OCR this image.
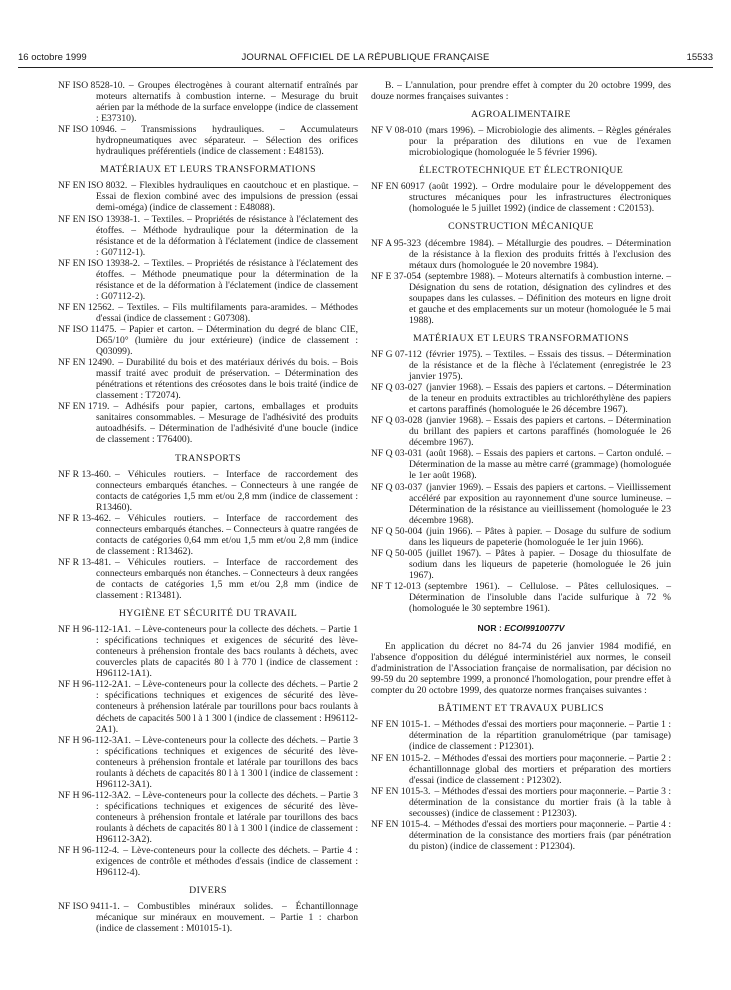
16 octobre 1999	JOURNAL OFFICIEL DE LA RÉPUBLIQUE FRANÇAISE	15533
NF ISO 8528-10. – Groupes électrogènes à courant alternatif entraînés par moteurs alternatifs à combustion interne. – Mesurage du bruit aérien par la méthode de la surface enveloppe (indice de classement : E37310).
NF ISO 10946. – Transmissions hydrauliques. – Accumulateurs hydropneumatiques avec séparateur. – Sélection des orifices hydrauliques préférentiels (indice de classement : E48153).
MATÉRIAUX ET LEURS TRANSFORMATIONS
NF EN ISO 8032. – Flexibles hydrauliques en caoutchouc et en plastique. – Essai de flexion combiné avec des impulsions de pression (essai demi-oméga) (indice de classement : E48088).
NF EN ISO 13938-1. – Textiles. – Propriétés de résistance à l'éclatement des étoffes. – Méthode hydraulique pour la détermination de la résistance et de la déformation à l'éclatement (indice de classement : G07112-1).
NF EN ISO 13938-2. – Textiles. – Propriétés de résistance à l'éclatement des étoffes. – Méthode pneumatique pour la détermination de la résistance et de la déformation à l'éclatement (indice de classement : G07112-2).
NF EN 12562. – Textiles. – Fils multifilaments para-aramides. – Méthodes d'essai (indice de classement : G07308).
NF ISO 11475. – Papier et carton. – Détermination du degré de blanc CIE, D65/10° (lumière du jour extérieure) (indice de classement : Q03099).
NF EN 12490. – Durabilité du bois et des matériaux dérivés du bois. – Bois massif traité avec produit de préservation. – Détermination des pénétrations et rétentions des créosotes dans le bois traité (indice de classement : T72074).
NF EN 1719. – Adhésifs pour papier, cartons, emballages et produits sanitaires consommables. – Mesurage de l'adhésivité des produits autoadhésifs. – Détermination de l'adhésivité d'une boucle (indice de classement : T76400).
TRANSPORTS
NF R 13-460. – Véhicules routiers. – Interface de raccordement des connecteurs embarqués étanches. – Connecteurs à une rangée de contacts de catégories 1,5 mm et/ou 2,8 mm (indice de classement : R13460).
NF R 13-462. – Véhicules routiers. – Interface de raccordement des connecteurs embarqués étanches. – Connecteurs à quatre rangées de contacts de catégories 0,64 mm et/ou 1,5 mm et/ou 2,8 mm (indice de classement : R13462).
NF R 13-481. – Véhicules routiers. – Interface de raccordement des connecteurs embarqués non étanches. – Connecteurs à deux rangées de contacts de catégories 1,5 mm et/ou 2,8 mm (indice de classement : R13481).
HYGIÈNE ET SÉCURITÉ DU TRAVAIL
NF H 96-112-1A1. – Lève-conteneurs pour la collecte des déchets. – Partie 1 : spécifications techniques et exigences de sécurité des lève-conteneurs à préhension frontale des bacs roulants à déchets, avec couvercles plats de capacités 80 l à 770 l (indice de classement : H96112-1A1).
NF H 96-112-2A1. – Lève-conteneurs pour la collecte des déchets. – Partie 2 : spécifications techniques et exigences de sécurité des lève-conteneurs à préhension latérale par tourillons pour bacs roulants à déchets de capacités 500 l à 1 300 l (indice de classement : H96112-2A1).
NF H 96-112-3A1. – Lève-conteneurs pour la collecte des déchets. – Partie 3 : spécifications techniques et exigences de sécurité des lève-conteneurs à préhension frontale et latérale par tourillons des bacs roulants à déchets de capacités 80 l à 1 300 l (indice de classement : H96112-3A1).
NF H 96-112-3A2. – Lève-conteneurs pour la collecte des déchets. – Partie 3 : spécifications techniques et exigences de sécurité des lève-conteneurs à préhension frontale et latérale par tourillons des bacs roulants à déchets de capacités 80 l à 1 300 l (indice de classement : H96112-3A2).
NF H 96-112-4. – Lève-conteneurs pour la collecte des déchets. – Partie 4 : exigences de contrôle et méthodes d'essais (indice de classement : H96112-4).
DIVERS
NF ISO 9411-1. – Combustibles minéraux solides. – Échantillonnage mécanique sur minéraux en mouvement. – Partie 1 : charbon (indice de classement : M01015-1).
B. – L'annulation, pour prendre effet à compter du 20 octobre 1999, des douze normes françaises suivantes :
AGROALIMENTAIRE
NF V 08-010 (mars 1996). – Microbiologie des aliments. – Règles générales pour la préparation des dilutions en vue de l'examen microbiologique (homologuée le 5 février 1996).
ÉLECTROTECHNIQUE ET ÉLECTRONIQUE
NF EN 60917 (août 1992). – Ordre modulaire pour le développement des structures mécaniques pour les infrastructures électroniques (homologuée le 5 juillet 1992) (indice de classement : C20153).
CONSTRUCTION MÉCANIQUE
NF A 95-323 (décembre 1984). – Métallurgie des poudres. – Détermination de la résistance à la flexion des produits frittés à l'exclusion des métaux durs (homologuée le 20 novembre 1984).
NF E 37-054 (septembre 1988). – Moteurs alternatifs à combustion interne. – Désignation du sens de rotation, désignation des cylindres et des soupapes dans les culasses. – Définition des moteurs en ligne droit et gauche et des emplacements sur un moteur (homologuée le 5 mai 1988).
MATÉRIAUX ET LEURS TRANSFORMATIONS
NF G 07-112 (février 1975). – Textiles. – Essais des tissus. – Détermination de la résistance et de la flèche à l'éclatement (enregistrée le 23 janvier 1975).
NF Q 03-027 (janvier 1968). – Essais des papiers et cartons. – Détermination de la teneur en produits extractibles au trichloréthylène des papiers et cartons paraffinés (homologuée le 26 décembre 1967).
NF Q 03-028 (janvier 1968). – Essais des papiers et cartons. – Détermination du brillant des papiers et cartons paraffinés (homologuée le 26 décembre 1967).
NF Q 03-031 (août 1968). – Essais des papiers et cartons. – Carton ondulé. – Détermination de la masse au mètre carré (grammage) (homologuée le 1er août 1968).
NF Q 03-037 (janvier 1969). – Essais des papiers et cartons. – Vieillissement accéléré par exposition au rayonnement d'une source lumineuse. – Détermination de la résistance au vieillissement (homologuée le 23 décembre 1968).
NF Q 50-004 (juin 1966). – Pâtes à papier. – Dosage du sulfure de sodium dans les liqueurs de papeterie (homologuée le 1er juin 1966).
NF Q 50-005 (juillet 1967). – Pâtes à papier. – Dosage du thiosulfate de sodium dans les liqueurs de papeterie (homologuée le 26 juin 1967).
NF T 12-013 (septembre 1961). – Cellulose. – Pâtes cellulosiques. – Détermination de l'insoluble dans l'acide sulfurique à 72 % (homologuée le 30 septembre 1961).
NOR : ECOI9910077V
En application du décret no 84-74 du 26 janvier 1984 modifié, en l'absence d'opposition du délégué interministériel aux normes, le conseil d'administration de l'Association française de normalisation, par décision no 99-59 du 20 septembre 1999, a prononcé l'homologation, pour prendre effet à compter du 20 octobre 1999, des quatorze normes françaises suivantes :
BÂTIMENT ET TRAVAUX PUBLICS
NF EN 1015-1. – Méthodes d'essai des mortiers pour maçonnerie. – Partie 1 : détermination de la répartition granulométrique (par tamisage) (indice de classement : P12301).
NF EN 1015-2. – Méthodes d'essai des mortiers pour maçonnerie. – Partie 2 : échantillonnage global des mortiers et préparation des mortiers d'essai (indice de classement : P12302).
NF EN 1015-3. – Méthodes d'essai des mortiers pour maçonnerie. – Partie 3 : détermination de la consistance du mortier frais (à la table à secousses) (indice de classement : P12303).
NF EN 1015-4. – Méthodes d'essai des mortiers pour maçonnerie. – Partie 4 : détermination de la consistance des mortiers frais (par pénétration du piston) (indice de classement : P12304).
